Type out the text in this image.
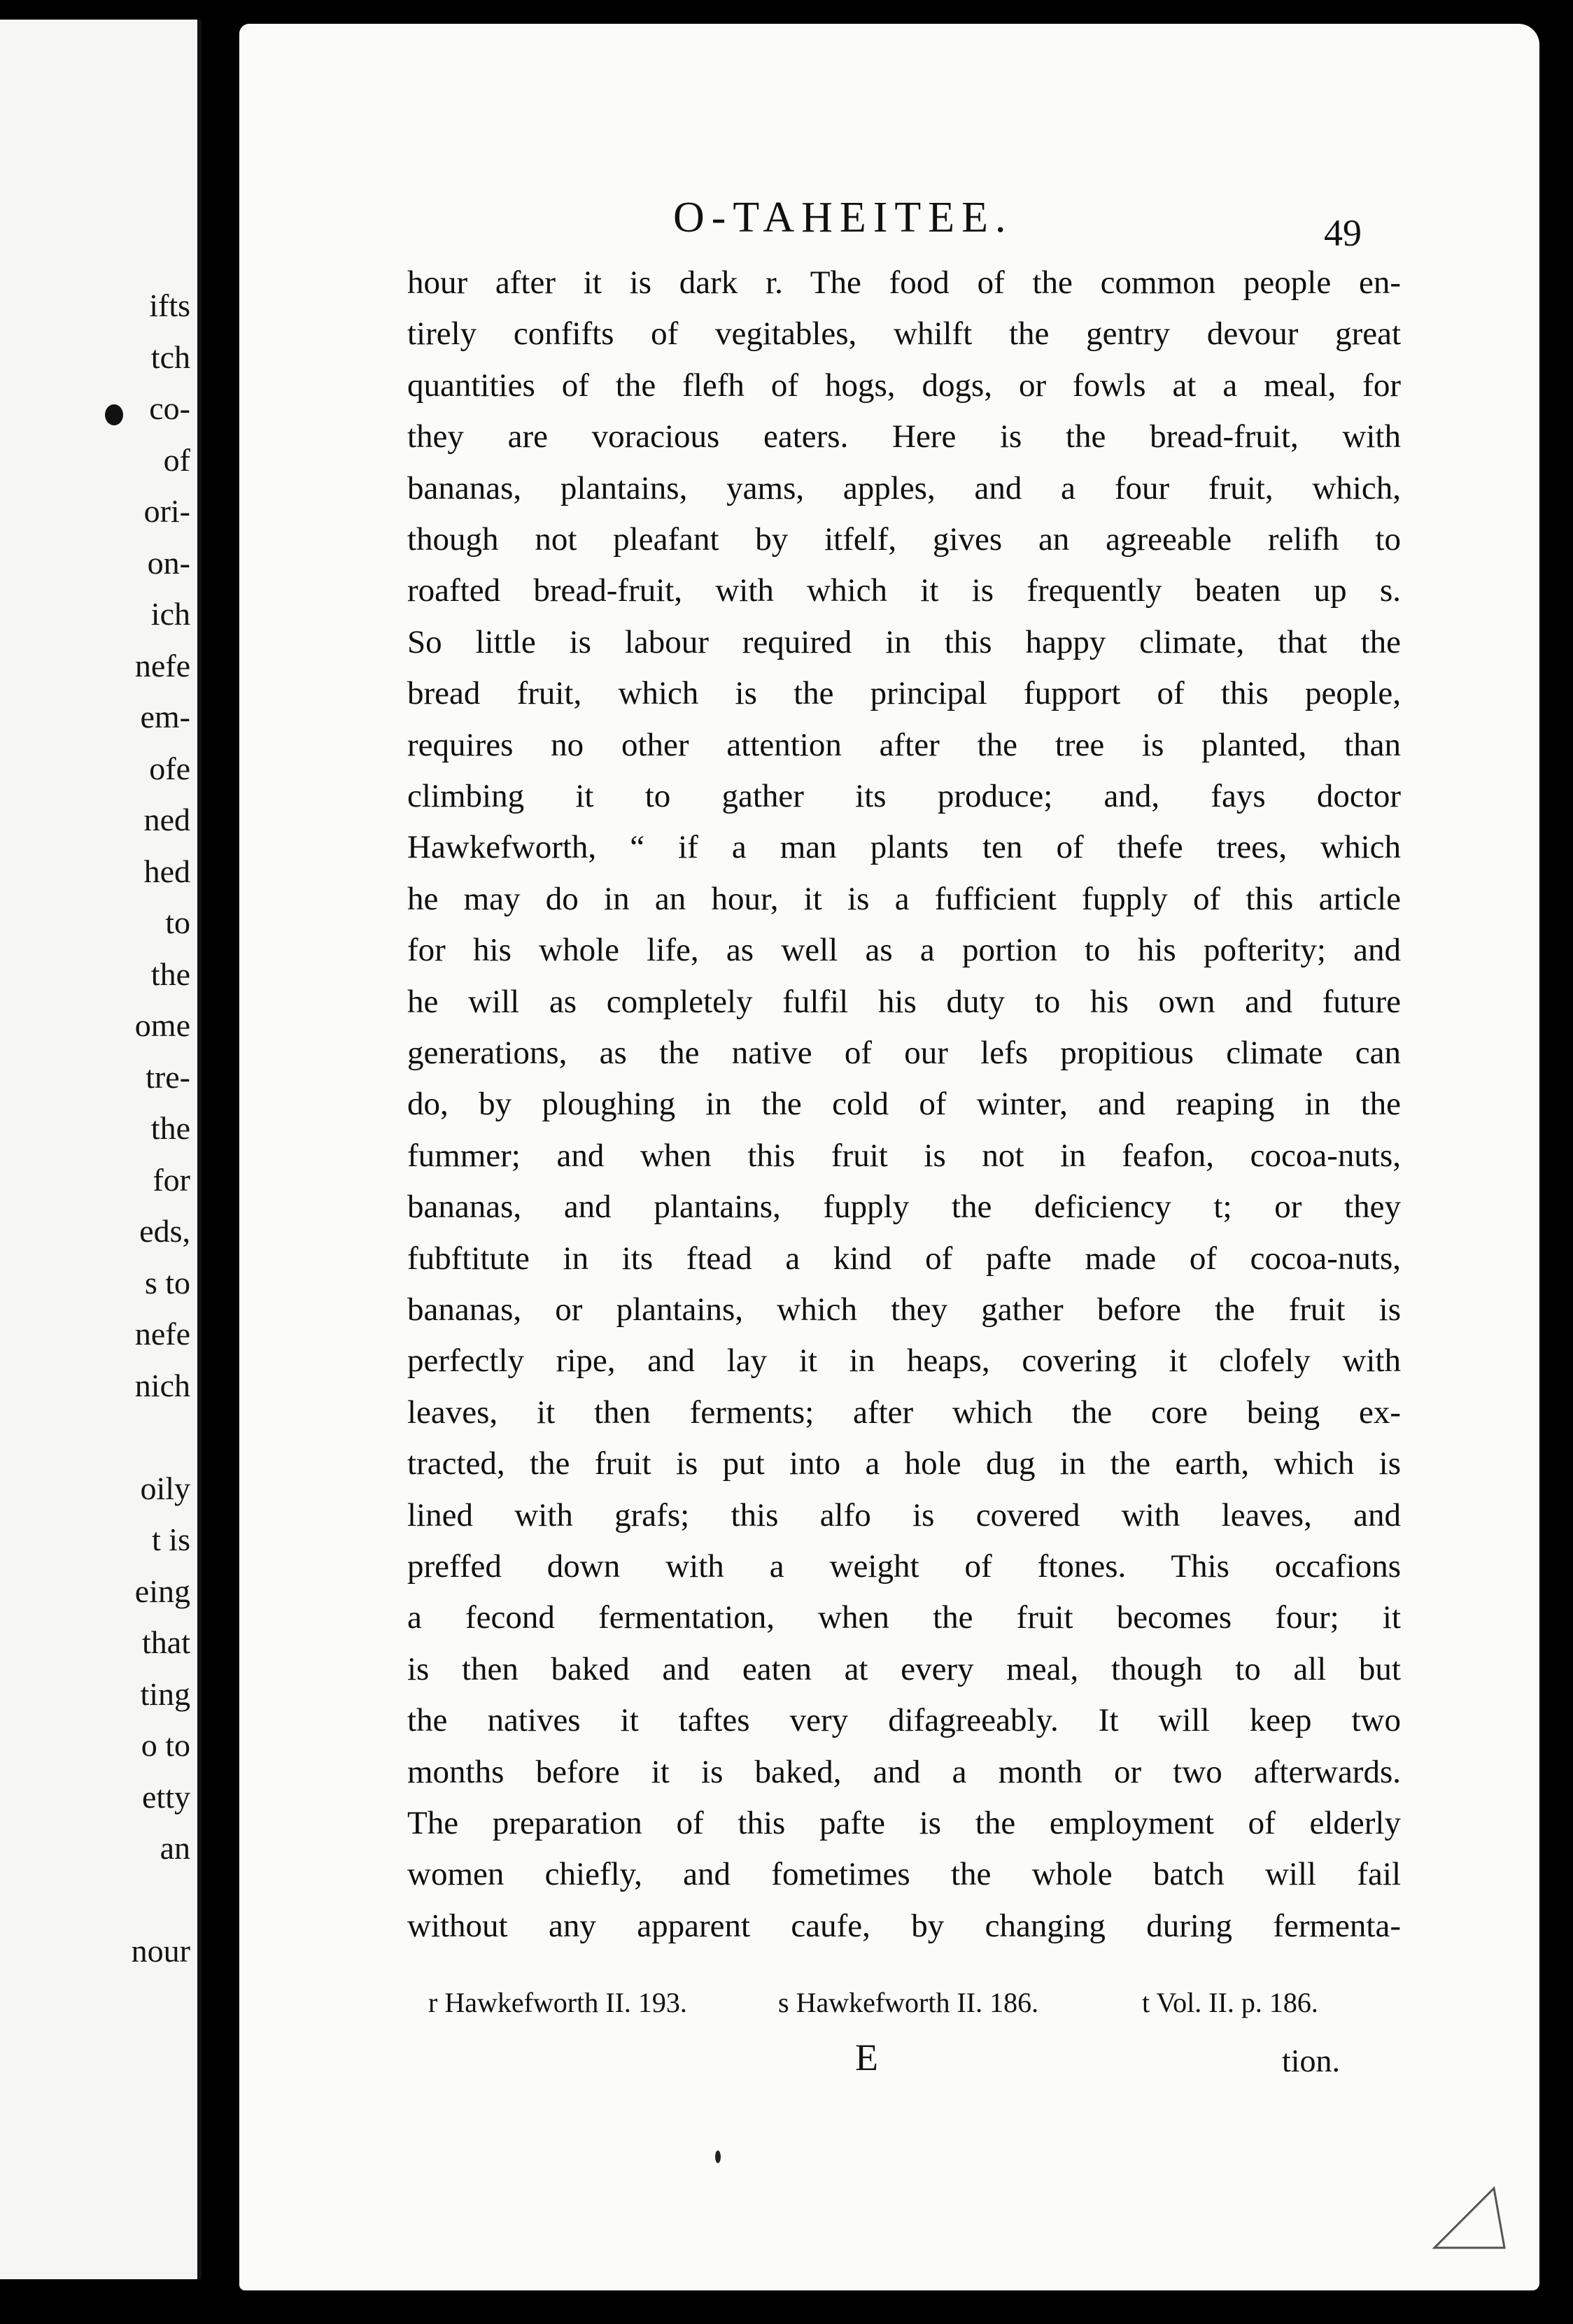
ifts
tch
co-
of
ori-
on-
ich
nefe
em-
ofe
ned
hed
to
the
ome
tre-
the
for
eds,
s to
nefe
nich
oily
t is
eing
that
ting
o to
etty
an
nour
O-TAHEITEE.	49
hour after it is dark r. The food of the common people en-
tirely confifts of vegitables, whilft the gentry devour great
quantities of the flefh of hogs, dogs, or fowls at a meal, for
they are voracious eaters. Here is the bread-fruit, with
bananas, plantains, yams, apples, and a four fruit, which,
though not pleafant by itfelf, gives an agreeable relifh to
roafted bread-fruit, with which it is frequently beaten up s.
So little is labour required in this happy climate, that the
bread fruit, which is the principal fupport of this people,
requires no other attention after the tree is planted, than
climbing it to gather its produce; and, fays doctor
Hawkefworth, “ if a man plants ten of thefe trees, which
he may do in an hour, it is a fufficient fupply of this article
for his whole life, as well as a portion to his pofterity; and
he will as completely fulfil his duty to his own and future
generations, as the native of our lefs propitious climate can
do, by ploughing in the cold of winter, and reaping in the
fummer; and when this fruit is not in feafon, cocoa-nuts,
bananas, and plantains, fupply the deficiency t; or they
fubftitute in its ftead a kind of pafte made of cocoa-nuts,
bananas, or plantains, which they gather before the fruit is
perfectly ripe, and lay it in heaps, covering it clofely with
leaves, it then ferments; after which the core being ex-
tracted, the fruit is put into a hole dug in the earth, which is
lined with grafs; this alfo is covered with leaves, and
preffed down with a weight of ftones. This occafions
a fecond fermentation, when the fruit becomes four; it
is then baked and eaten at every meal, though to all but
the natives it taftes very difagreeably. It will keep two
months before it is baked, and a month or two afterwards.
The preparation of this pafte is the employment of elderly
women chiefly, and fometimes the whole batch will fail
without any apparent caufe, by changing during fermenta-
r Hawkefworth II. 193.	s Hawkefworth II. 186.	t Vol. II. p. 186.
E	tion.
